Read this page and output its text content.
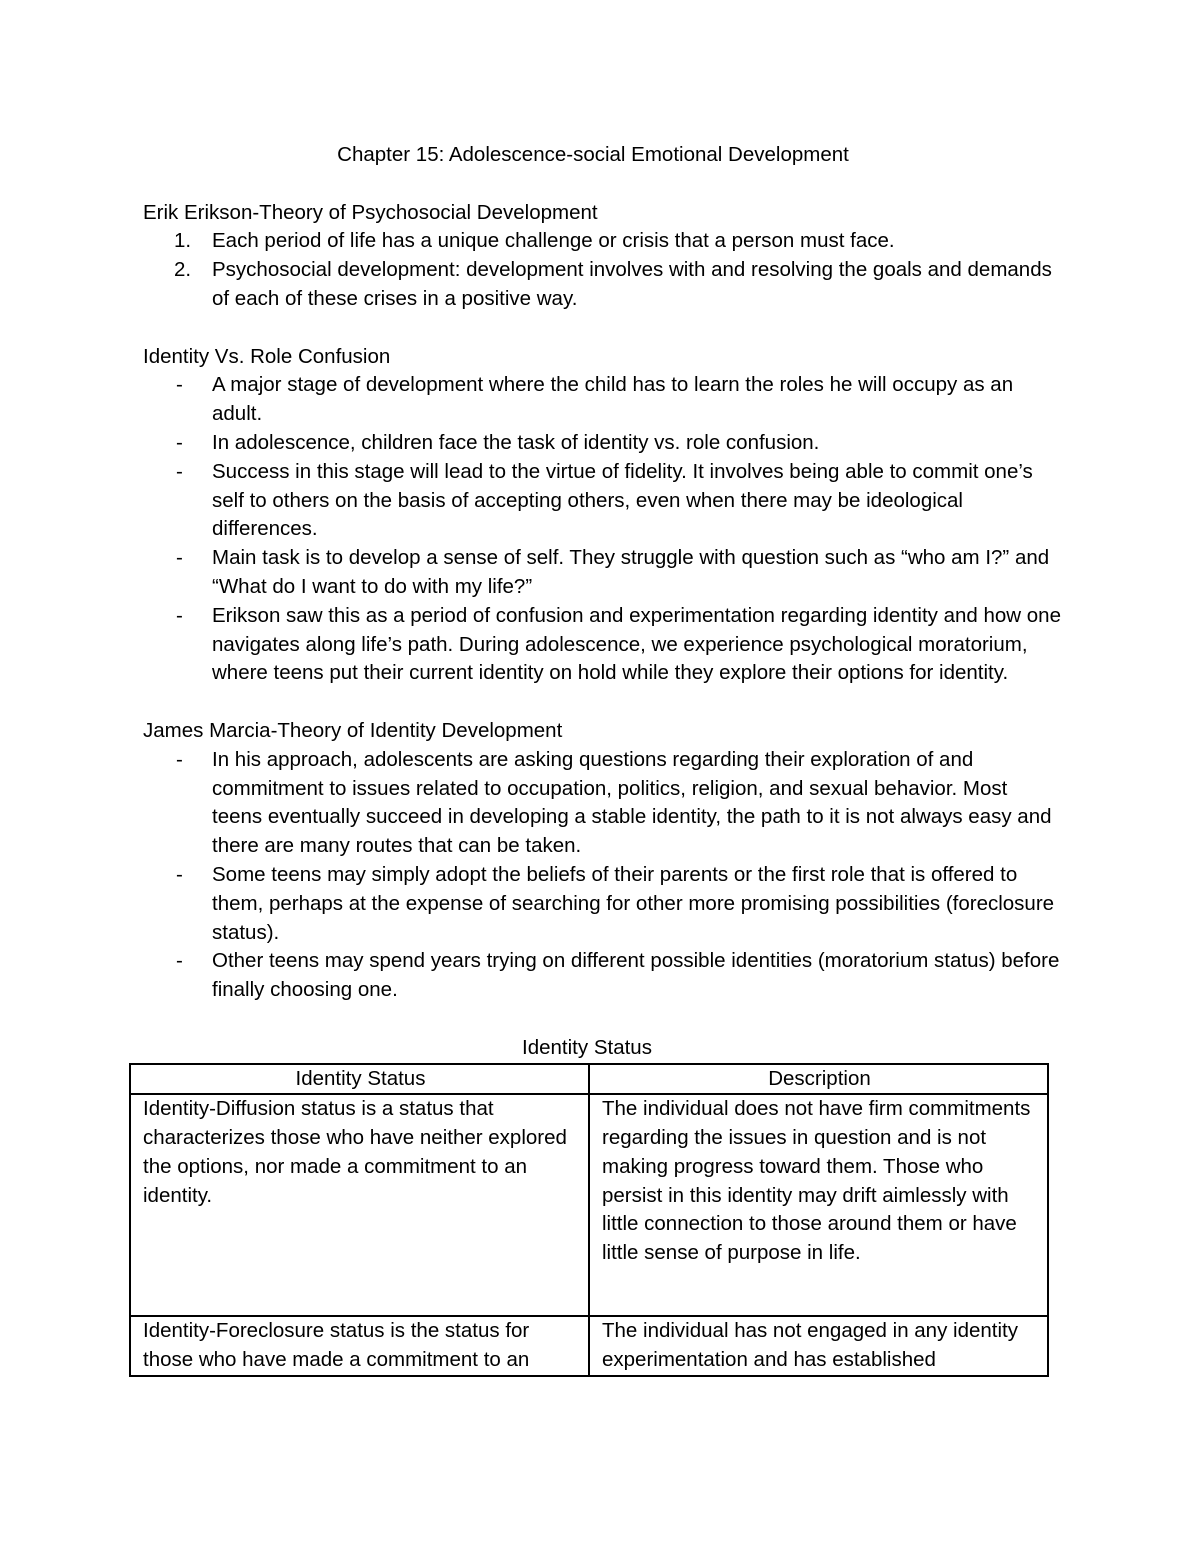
Chapter 15: Adolescence-social Emotional Development
Erik Erikson-Theory of Psychosocial Development
1. Each period of life has a unique challenge or crisis that a person must face.
2. Psychosocial development: development involves with and resolving the goals and demands of each of these crises in a positive way.
Identity Vs. Role Confusion
- A major stage of development where the child has to learn the roles he will occupy as an adult.
- In adolescence, children face the task of identity vs. role confusion.
- Success in this stage will lead to the virtue of fidelity. It involves being able to commit one’s self to others on the basis of accepting others, even when there may be ideological differences.
- Main task is to develop a sense of self. They struggle with question such as “who am I?” and “What do I want to do with my life?”
- Erikson saw this as a period of confusion and experimentation regarding identity and how one navigates along life’s path. During adolescence, we experience psychological moratorium, where teens put their current identity on hold while they explore their options for identity.
James Marcia-Theory of Identity Development
- In his approach, adolescents are asking questions regarding their exploration of and commitment to issues related to occupation, politics, religion, and sexual behavior. Most teens eventually succeed in developing a stable identity, the path to it is not always easy and there are many routes that can be taken.
- Some teens may simply adopt the beliefs of their parents or the first role that is offered to them, perhaps at the expense of searching for other more promising possibilities (foreclosure status).
- Other teens may spend years trying on different possible identities (moratorium status) before finally choosing one.

Identity Status

Identity Status	Description
Identity-Diffusion status is a status that characterizes those who have neither explored the options, nor made a commitment to an identity.	The individual does not have firm commitments regarding the issues in question and is not making progress toward them. Those who persist in this identity may drift aimlessly with little connection to those around them or have little sense of purpose in life.

Identity-Foreclosure status is the status for those who have made a commitment to an	The individual has not engaged in any identity experimentation and has established
